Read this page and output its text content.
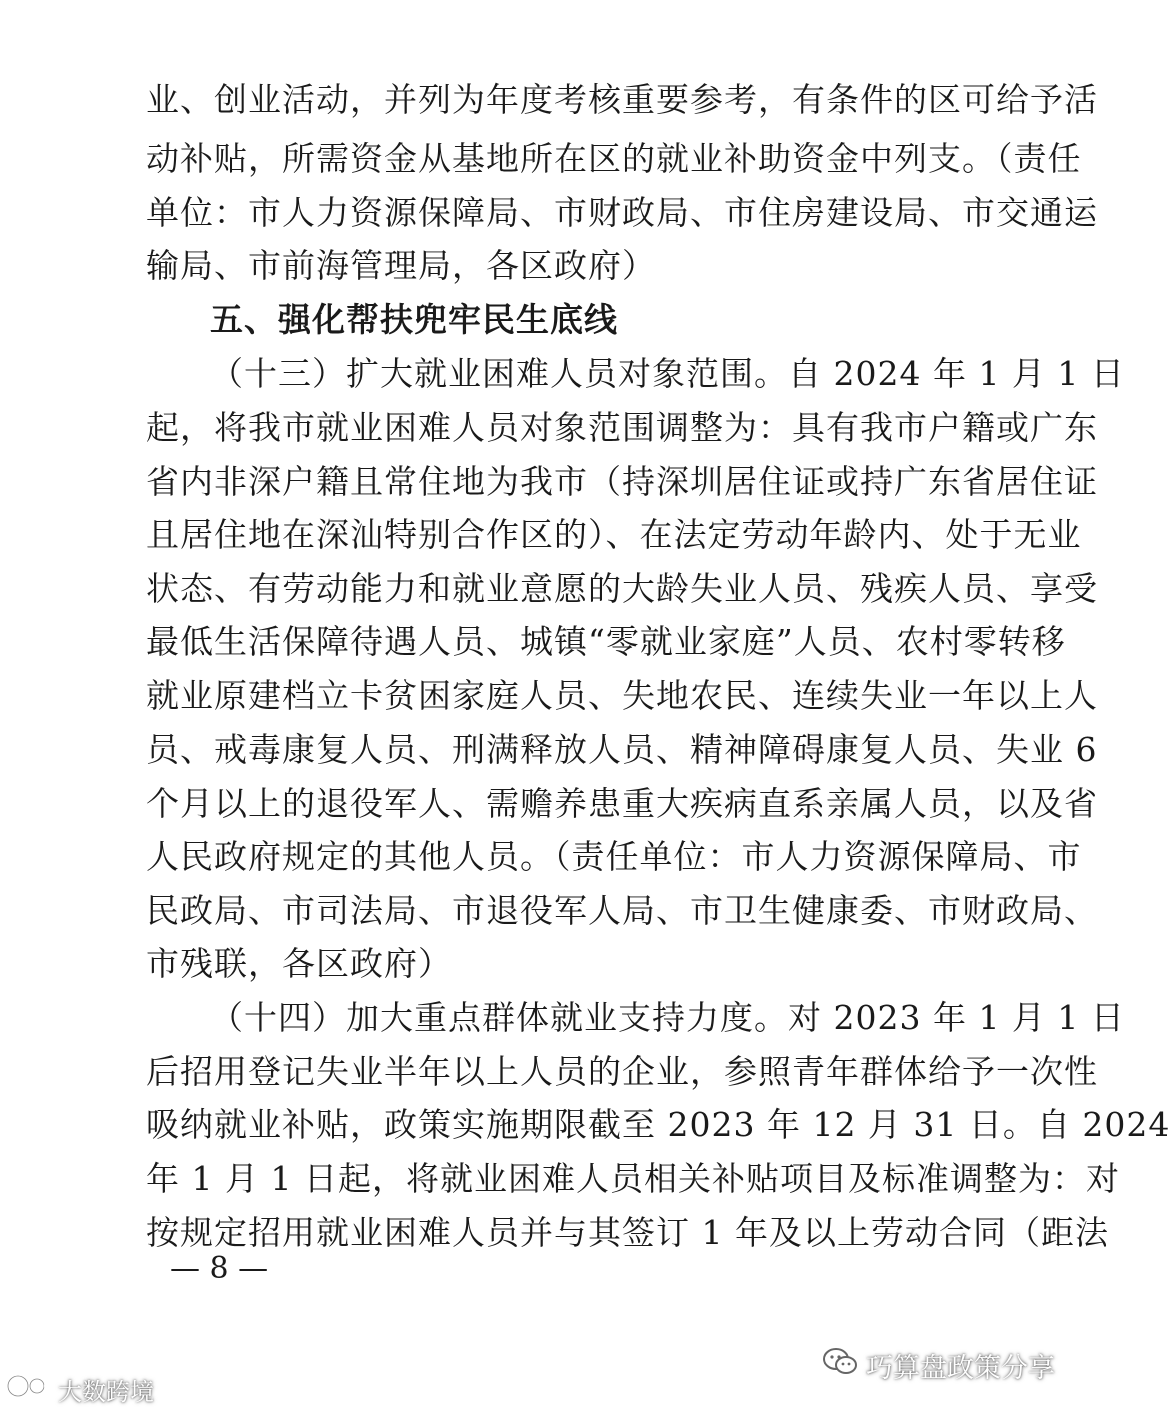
业、创业活动，并列为年度考核重要参考，有条件的区可给予活
动补贴，所需资金从基地所在区的就业补助资金中列支。（责任
单位：市人力资源保障局、市财政局、市住房建设局、市交通运
输局、市前海管理局，各区政府）
五、强化帮扶兜牢民生底线
（十三）扩大就业困难人员对象范围。自 2024 年 1 月 1 日
起，将我市就业困难人员对象范围调整为：具有我市户籍或广东
省内非深户籍且常住地为我市（持深圳居住证或持广东省居住证
且居住地在深汕特别合作区的）、在法定劳动年龄内、处于无业
状态、有劳动能力和就业意愿的大龄失业人员、残疾人员、享受
最低生活保障待遇人员、城镇“零就业家庭”人员、农村零转移
就业原建档立卡贫困家庭人员、失地农民、连续失业一年以上人
员、戒毒康复人员、刑满释放人员、精神障碍康复人员、失业 6
个月以上的退役军人、需赡养患重大疾病直系亲属人员，以及省
人民政府规定的其他人员。（责任单位：市人力资源保障局、市
民政局、市司法局、市退役军人局、市卫生健康委、市财政局、
市残联，各区政府）
（十四）加大重点群体就业支持力度。对 2023 年 1 月 1 日
后招用登记失业半年以上人员的企业，参照青年群体给予一次性
吸纳就业补贴，政策实施期限截至 2023 年 12 月 31 日。自 2024
年 1 月 1 日起，将就业困难人员相关补贴项目及标准调整为：对
按规定招用就业困难人员并与其签订 1 年及以上劳动合同（距法
— 8 —
巧算盘政策分享
大数跨境
